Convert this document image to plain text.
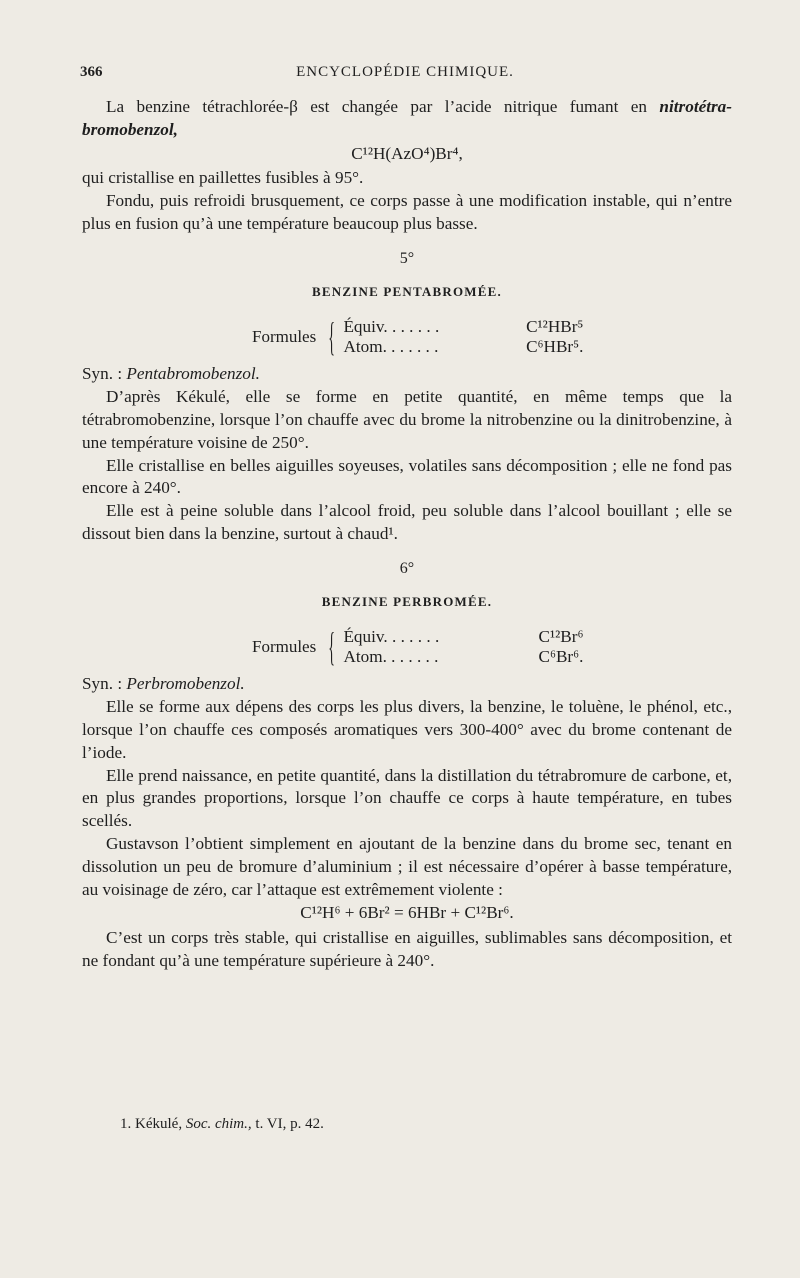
366	ENCYCLOPÉDIE CHIMIQUE.

La benzine tétrachlorée-β est changée par l’acide nitrique fumant en nitrotétra-bromobenzol,

C¹²H(AzO⁴)Br⁴,

qui cristallise en paillettes fusibles à 95°.

Fondu, puis refroidi brusquement, ce corps passe à une modification instable, qui n’entre plus en fusion qu’à une température beaucoup plus basse.

5°
BENZINE PENTABROMÉE.
Formules { Équiv. . . . . . .	C¹²HBr⁵
Atom. . . . . . .	C⁶HBr⁵.

Syn. : Pentabromobenzol.

D’après Kékulé, elle se forme en petite quantité, en même temps que la tétrabromobenzine, lorsque l’on chauffe avec du brome la nitrobenzine ou la dinitrobenzine, à une température voisine de 250°.

Elle cristallise en belles aiguilles soyeuses, volatiles sans décomposition ; elle ne fond pas encore à 240°.

Elle est à peine soluble dans l’alcool froid, peu soluble dans l’alcool bouillant ; elle se dissout bien dans la benzine, surtout à chaud¹.

6°
BENZINE PERBROMÉE.
Formules { Équiv. . . . . . .	C¹²Br⁶
Atom. . . . . . .	C⁶Br⁶.

Syn. : Perbromobenzol.

Elle se forme aux dépens des corps les plus divers, la benzine, le toluène, le phénol, etc., lorsque l’on chauffe ces composés aromatiques vers 300-400° avec du brome contenant de l’iode.

Elle prend naissance, en petite quantité, dans la distillation du tétrabromure de carbone, et, en plus grandes proportions, lorsque l’on chauffe ce corps à haute température, en tubes scellés.

Gustavson l’obtient simplement en ajoutant de la benzine dans du brome sec, tenant en dissolution un peu de bromure d’aluminium ; il est nécessaire d’opérer à basse température, au voisinage de zéro, car l’attaque est extrêmement violente :

C¹²H⁶ + 6Br² = 6HBr + C¹²Br⁶.

C’est un corps très stable, qui cristallise en aiguilles, sublimables sans décomposition, et ne fondant qu’à une température supérieure à 240°.

1. Kékulé, Soc. chim., t. VI, p. 42.
